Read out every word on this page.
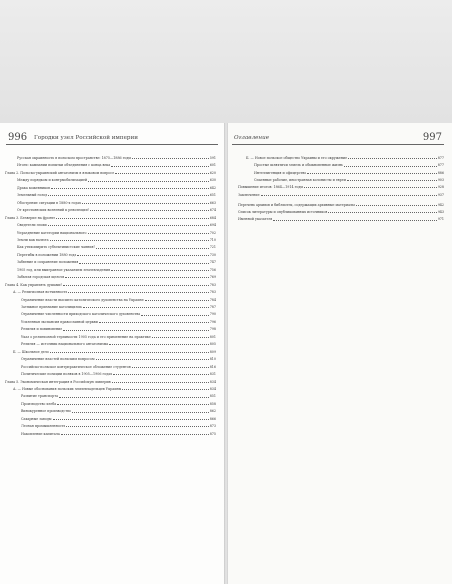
996	Городки узел Российской империи	Оглавление	997
Русская окраинность в польском пространстве: 1875—1886 годы	591
Итоги: кампании попытки объединения с конца века	601
Глава 2. Польско-украинский антагонизм в языковом вопросе	620
Между порядком и контрмобилизацией	630
Драка кожевников	642
Земельный голод	651
Обострение ситуации в 1880-х годах	663
От крестьянских волнений к революции?	674
Глава 3. Безверие на фронте	684
Свидетели эпохи	694
Упразднение категории национального	702
Земли как валюта	710
Как утихомирить субъективистские чаяния?	721
Перегибы в положении 1880 года	730
Забвение и сохранение положения	747
1905 год, или выигранное указанием землевладения	756
Забытая городская щелочь	769
Глава 4. Как управлять душами?	783
А. — Религиозная вотчинность	783
Ограничение власти высшего католического духовенства на Украине	784
Затяжное признание католицизма	787
Ограничение численности приходского католического духовенства	790
Усиленная экспансия православной церкви	796
Религия и повиновение	798
Указ о религиозной терпимости 1905 года и его применение на практике	801
Религия — источник национального антагонизма	805
Б. — Школьное дело	809
Ограничение властей польским вопросом	810
Российско-польское контрпрактическое обложение студентов	816
Политические позиции поляков в 1905—1906 годах	831
Глава 5. Экономическая интеграция в Российскую империю	834
А. — Новые обоснования польских землевладельцев Украины	834
Развитие транспорта	851
Производство хлеба	858
Винокуренное производство	862
Сахарные заводы	866
Лесная промышленность	873
Накопление капитала	875
Б. — Новое польское общество Украины и его окружение	877
Простые шляхтичи земель и обыкновенные жизнь	877
Интеллигенция и офицерство	886
Спаенные рабочие, иностранная колонисты и евреи	903
Повышение итогов: 1864—1914 годы	928
Заключение	937
Перечень архивов и библиотек, содержащих архивные материалы	942
Список литературы и опубликованных источников	943
Именной указатель	971
